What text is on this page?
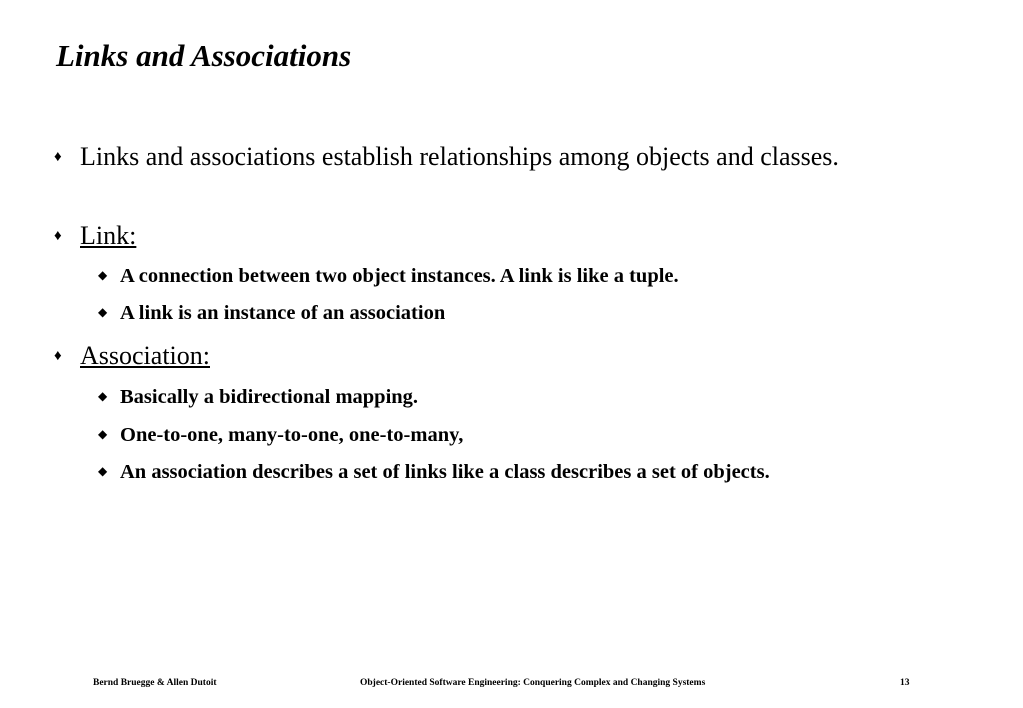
Links and Associations
♦ Links and associations establish relationships among objects and classes.
♦ Link:
◆ A connection between two object instances. A link is like a tuple.
◆ A link is an instance of an association
♦ Association:
◆ Basically a bidirectional mapping.
◆ One-to-one, many-to-one, one-to-many,
◆ An association describes a set of links like a class describes a set of objects.
Bernd Bruegge & Allen Dutoit	Object-Oriented Software Engineering: Conquering Complex and Changing Systems	13
